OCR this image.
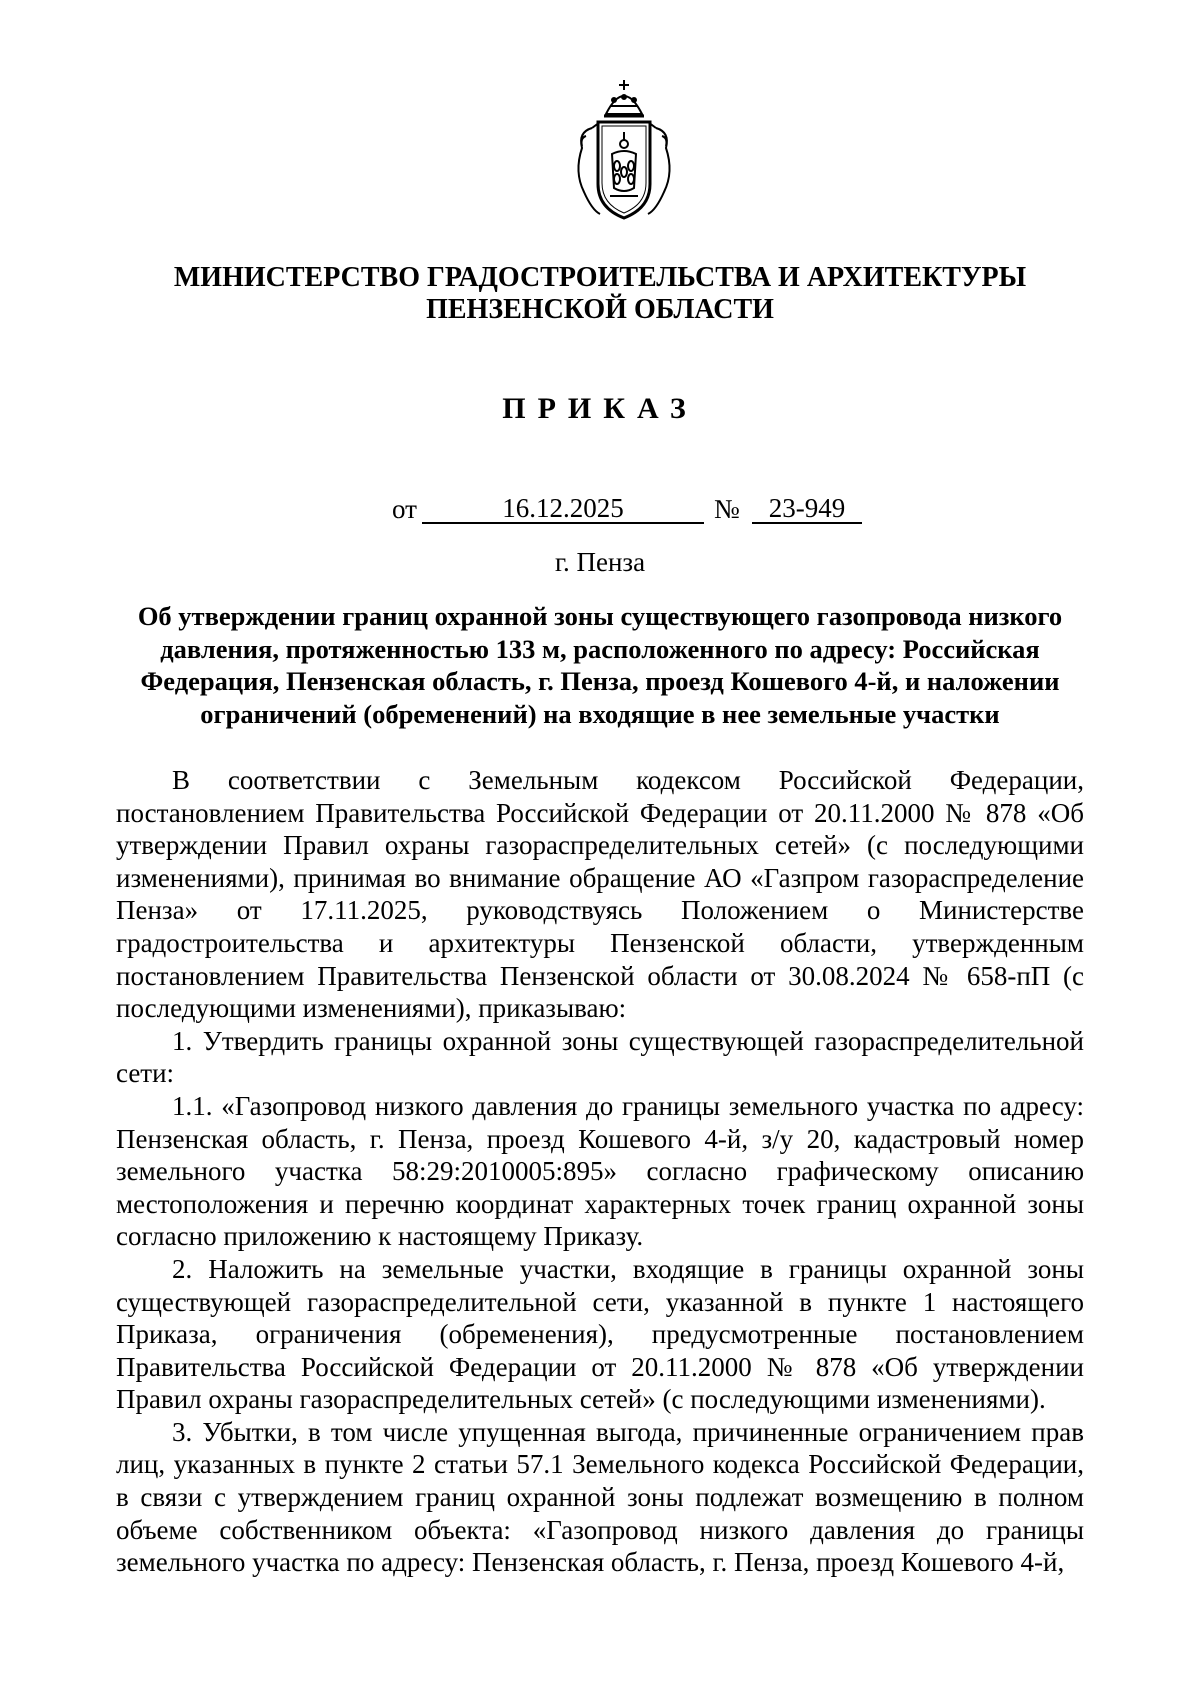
МИНИСТЕРСТВО ГРАДОСТРОИТЕЛЬСТВА И АРХИТЕКТУРЫ
ПЕНЗЕНСКОЙ ОБЛАСТИ
ПРИКАЗ
от	16.12.2025	№	23-949
г. Пенза
Об утверждении границ охранной зоны существующего газопровода низкого давления, протяженностью 133 м, расположенного по адресу: Российская Федерация, Пензенская область, г. Пенза, проезд Кошевого 4-й, и наложении ограничений (обременений) на входящие в нее земельные участки

В соответствии с Земельным кодексом Российской Федерации, постановлением Правительства Российской Федерации от 20.11.2000 № 878 «Об утверждении Правил охраны газораспределительных сетей» (с последующими изменениями), принимая во внимание обращение АО «Газпром газораспределение Пенза» от 17.11.2025, руководствуясь Положением о Министерстве градостроительства и архитектуры Пензенской области, утвержденным постановлением Правительства Пензенской области от 30.08.2024 № 658-пП (с последующими изменениями), приказываю:

1. Утвердить границы охранной зоны существующей газораспределительной сети:

1.1. «Газопровод низкого давления до границы земельного участка по адресу: Пензенская область, г. Пенза, проезд Кошевого 4-й, з/у 20, кадастровый номер земельного участка 58:29:2010005:895» согласно графическому описанию местоположения и перечню координат характерных точек границ охранной зоны согласно приложению к настоящему Приказу.

2. Наложить на земельные участки, входящие в границы охранной зоны существующей газораспределительной сети, указанной в пункте 1 настоящего Приказа, ограничения (обременения), предусмотренные постановлением Правительства Российской Федерации от 20.11.2000 № 878 «Об утверждении Правил охраны газораспределительных сетей» (с последующими изменениями).

3. Убытки, в том числе упущенная выгода, причиненные ограничением прав лиц, указанных в пункте 2 статьи 57.1 Земельного кодекса Российской Федерации, в связи с утверждением границ охранной зоны подлежат возмещению в полном объеме собственником объекта: «Газопровод низкого давления до границы земельного участка по адресу: Пензенская область, г. Пенза, проезд Кошевого 4-й,
